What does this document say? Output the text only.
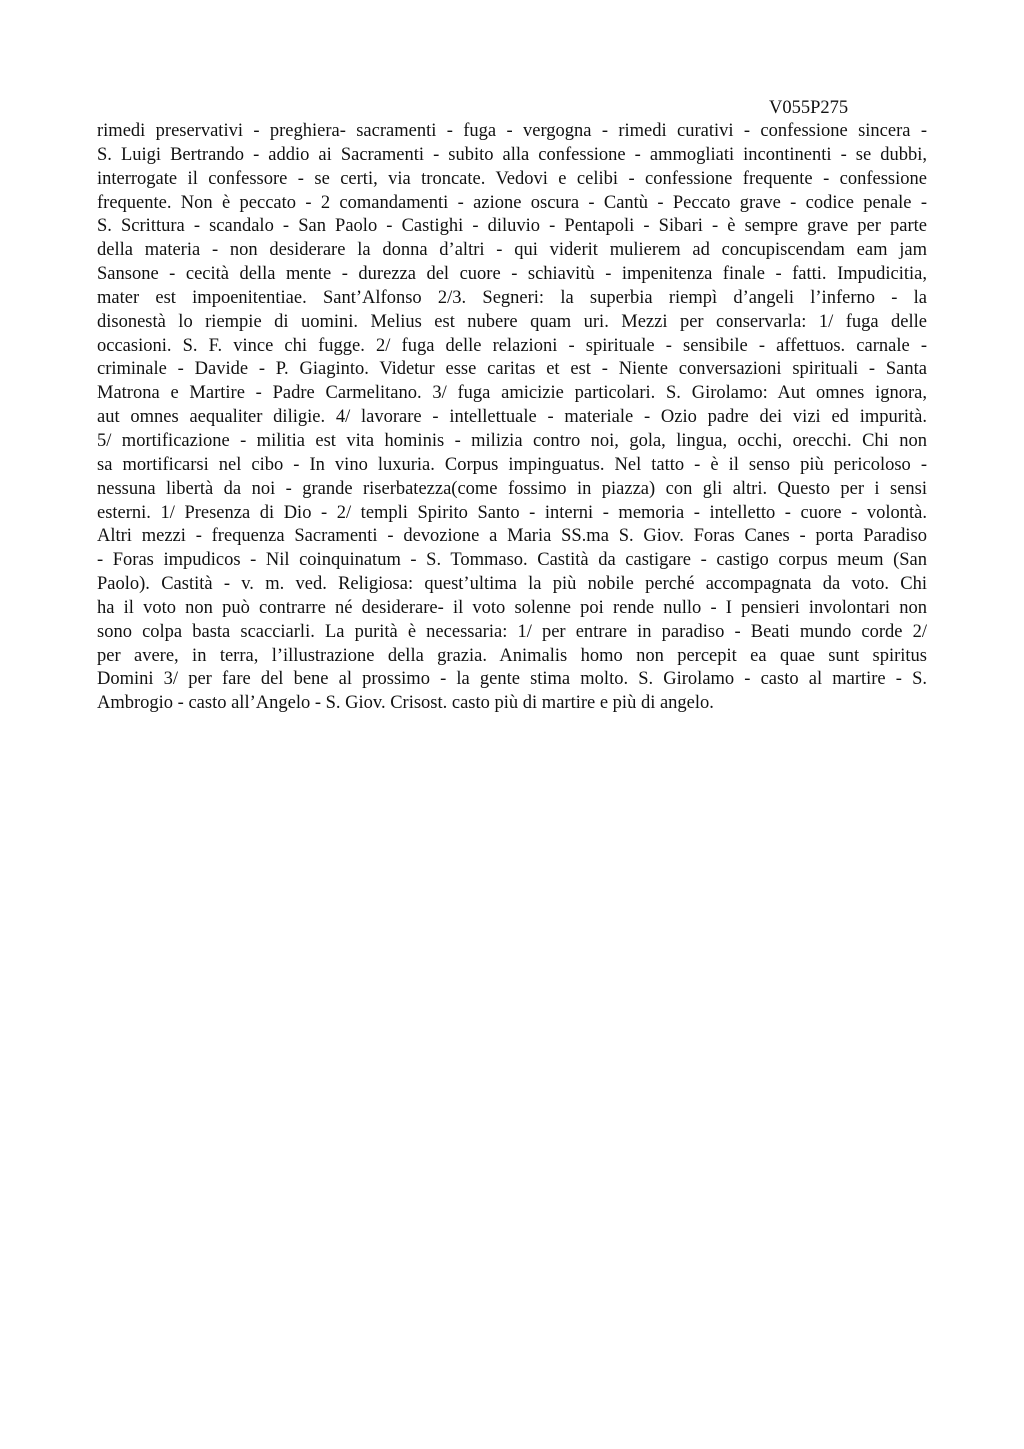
V055P275

rimedi preservativi - preghiera- sacramenti - fuga - vergogna - rimedi curativi - confessione sincera -
S. Luigi Bertrando - addio ai Sacramenti - subito alla confessione - ammogliati incontinenti - se dubbi,
interrogate il confessore - se certi, via troncate. Vedovi e celibi - confessione frequente - confessione
frequente. Non è peccato - 2 comandamenti - azione oscura - Cantù - Peccato grave - codice penale -
S. Scrittura - scandalo - San Paolo - Castighi - diluvio - Pentapoli - Sibari - è sempre grave per parte
della materia - non desiderare la donna d’altri - qui viderit mulierem ad concupiscendam eam jam
Sansone - cecità della mente - durezza del cuore - schiavitù - impenitenza finale - fatti. Impudicitia,
mater est impoenitentiae. Sant’Alfonso 2/3. Segneri: la superbia riempì d’angeli l’inferno - la
disonestà lo riempie di uomini. Melius est nubere quam uri. Mezzi per conservarla: 1/ fuga delle
occasioni. S. F. vince chi fugge. 2/ fuga delle relazioni - spirituale - sensibile - affettuos. carnale -
criminale - Davide - P. Giaginto. Videtur esse caritas et est - Niente conversazioni spirituali - Santa
Matrona e Martire - Padre Carmelitano. 3/ fuga amicizie particolari. S. Girolamo: Aut omnes ignora,
aut omnes aequaliter diligie. 4/ lavorare - intellettuale - materiale - Ozio padre dei vizi ed impurità.
5/ mortificazione - militia est vita hominis - milizia contro noi, gola, lingua, occhi, orecchi. Chi non
sa mortificarsi nel cibo - In vino luxuria. Corpus impinguatus. Nel tatto - è il senso più pericoloso -
nessuna libertà da noi - grande riserbatezza(come fossimo in piazza) con gli altri. Questo per i sensi
esterni. 1/ Presenza di Dio - 2/ templi Spirito Santo - interni - memoria - intelletto - cuore - volontà.
Altri mezzi - frequenza Sacramenti - devozione a Maria SS.ma S. Giov. Foras Canes - porta Paradiso
- Foras impudicos - Nil coinquinatum - S. Tommaso. Castità da castigare - castigo corpus meum (San
Paolo). Castità - v. m. ved. Religiosa: quest’ultima la più nobile perché accompagnata da voto. Chi
ha il voto non può contrarre né desiderare- il voto solenne poi rende nullo - I pensieri involontari non
sono colpa basta scacciarli. La purità è necessaria: 1/ per entrare in paradiso - Beati mundo corde 2/
per avere, in terra, l’illustrazione della grazia. Animalis homo non percepit ea quae sunt spiritus
Domini 3/ per fare del bene al prossimo - la gente stima molto. S. Girolamo - casto al martire - S.
Ambrogio - casto all’Angelo - S. Giov. Crisost. casto più di martire e più di angelo.
